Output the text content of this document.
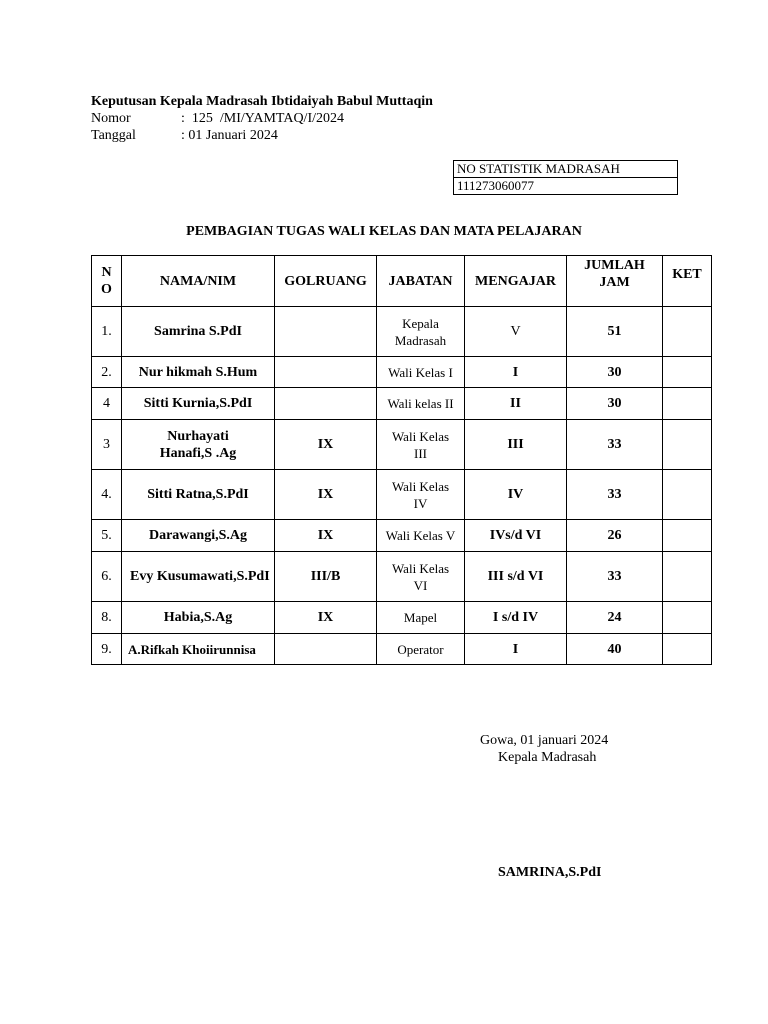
Keputusan Kepala Madrasah Ibtidaiyah Babul Muttaqin
Nomor	:  125  /MI/YAMTAQ/I/2024
Tanggal	: 01 Januari 2024
NO STATISTIK MADRASAH
111273060077
PEMBAGIAN TUGAS WALI KELAS DAN MATA PELAJARAN
N
O	NAMA/NIM	GOLRUANG	JABATAN	MENGAJAR	JUMLAH
JAM	KET
1.	Samrina S.PdI		Kepala
Madrasah	V	51	
2.	Nur hikmah S.Hum		Wali Kelas I	I	30	
4	Sitti Kurnia,S.PdI		Wali kelas II	II	30	
3	Nurhayati
Hanafi,S .Ag	IX	Wali Kelas
III	III	33	
4.	Sitti Ratna,S.PdI	IX	Wali Kelas
IV	IV	33	
5.	Darawangi,S.Ag	IX	Wali Kelas V	IVs/d VI	26	
6.	Evy Kusumawati,S.PdI	III/B	Wali Kelas
VI	III s/d VI	33	
8.	Habia,S.Ag	IX	Mapel	I s/d IV	24	
9.	A.Rifkah Khoiirunnisa		Operator	I	40	
Gowa, 01 januari 2024
Kepala Madrasah
SAMRINA,S.PdI
